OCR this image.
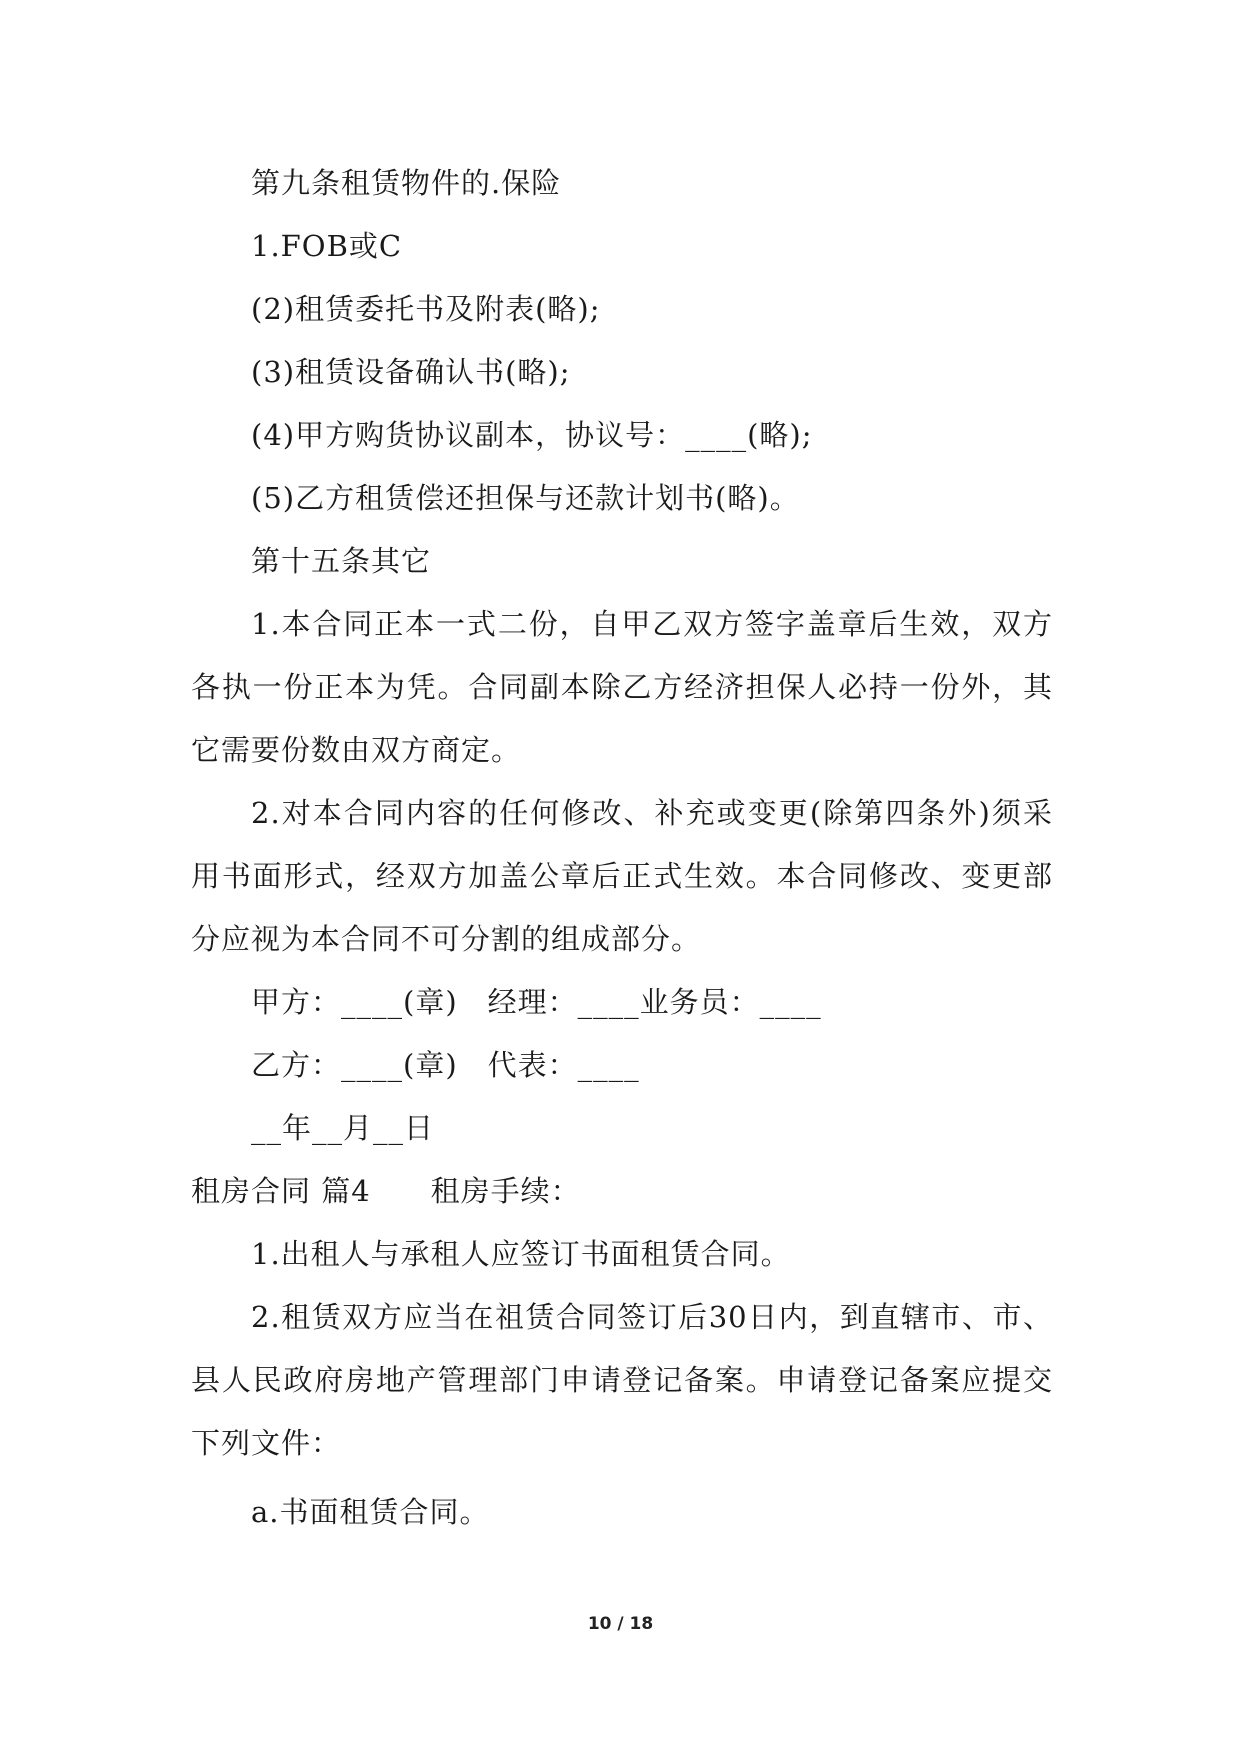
第九条租赁物件的.保险
1.FOB或C
(2)租赁委托书及附表(略);
(3)租赁设备确认书(略);
(4)甲方购货协议副本，协议号：____(略);
(5)乙方租赁偿还担保与还款计划书(略)。
第十五条其它
1.本合同正本一式二份，自甲乙双方签字盖章后生效，双方
各执一份正本为凭。合同副本除乙方经济担保人必持一份外，其
它需要份数由双方商定。
2.对本合同内容的任何修改、补充或变更(除第四条外)须采
用书面形式，经双方加盖公章后正式生效。本合同修改、变更部
分应视为本合同不可分割的组成部分。
甲方：____(章)　经理：____业务员：____
乙方：____(章)　代表：____
__年__月__日
租房合同 篇4　　租房手续：
1.出租人与承租人应签订书面租赁合同。
2.租赁双方应当在祖赁合同签订后30日内，到直辖市、市、
县人民政府房地产管理部门申请登记备案。申请登记备案应提交
下列文件：
a.书面租赁合同。
10 / 18
